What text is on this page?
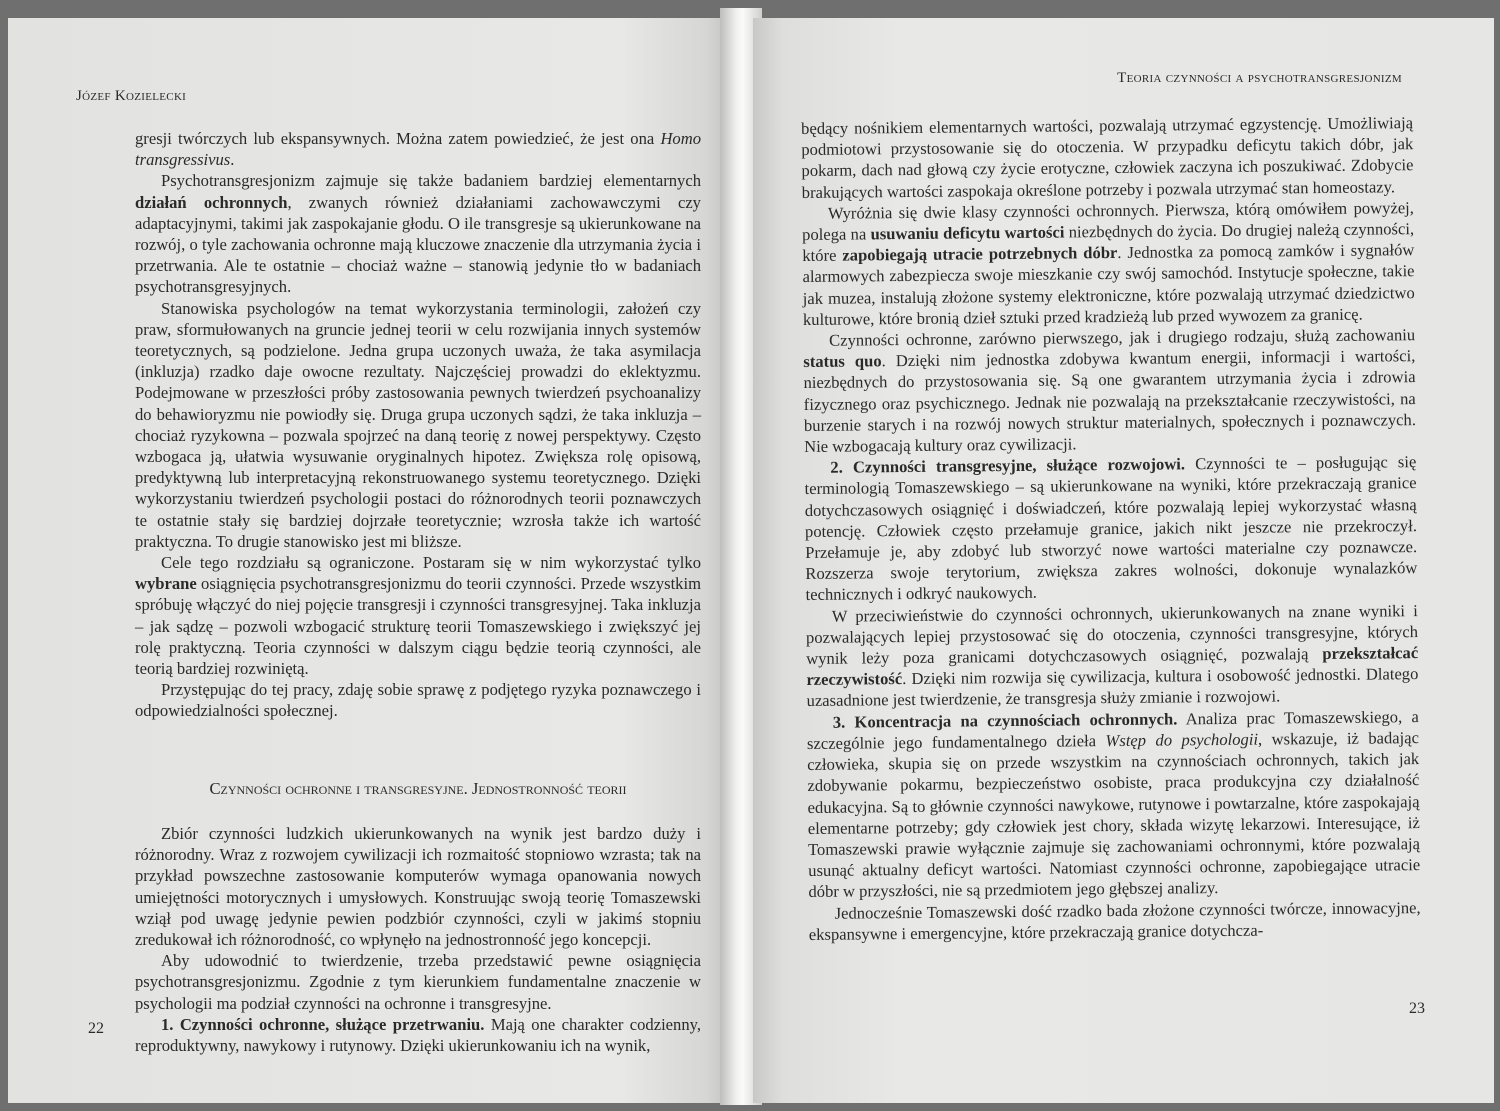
Józef Kozielecki

gresji twórczych lub ekspansywnych. Można zatem powiedzieć, że jest ona Homo transgressivus.

Psychotransgresjonizm zajmuje się także badaniem bardziej elementarnych działań ochronnych, zwanych również działaniami zachowawczymi czy adaptacyjnymi, takimi jak zaspokajanie głodu. O ile transgresje są ukierunkowane na rozwój, o tyle zachowania ochronne mają kluczowe znaczenie dla utrzymania życia i przetrwania. Ale te ostatnie – chociaż ważne – stanowią jedynie tło w badaniach psychotransgresyjnych.

Stanowiska psychologów na temat wykorzystania terminologii, założeń czy praw, sformułowanych na gruncie jednej teorii w celu rozwijania innych systemów teoretycznych, są podzielone. Jedna grupa uczonych uważa, że taka asymilacja (inkluzja) rzadko daje owocne rezultaty. Najczęściej prowadzi do eklektyzmu. Podejmowane w przeszłości próby zastosowania pewnych twierdzeń psychoanalizy do behawioryzmu nie powiodły się. Druga grupa uczonych sądzi, że taka inkluzja – chociaż ryzykowna – pozwala spojrzeć na daną teorię z nowej perspektywy. Często wzbogaca ją, ułatwia wysuwanie oryginalnych hipotez. Zwiększa rolę opisową, predyktywną lub interpretacyjną rekonstruowanego systemu teoretycznego. Dzięki wykorzystaniu twierdzeń psychologii postaci do różnorodnych teorii poznawczych te ostatnie stały się bardziej dojrzałe teoretycznie; wzrosła także ich wartość praktyczna. To drugie stanowisko jest mi bliższe.

Cele tego rozdziału są ograniczone. Postaram się w nim wykorzystać tylko wybrane osiągnięcia psychotransgresjonizmu do teorii czynności. Przede wszystkim spróbuję włączyć do niej pojęcie transgresji i czynności transgresyjnej. Taka inkluzja – jak sądzę – pozwoli wzbogacić strukturę teorii Tomaszewskiego i zwiększyć jej rolę praktyczną. Teoria czynności w dalszym ciągu będzie teorią czynności, ale teorią bardziej rozwiniętą.

Przystępując do tej pracy, zdaję sobie sprawę z podjętego ryzyka poznawczego i odpowiedzialności społecznej.

Czynności ochronne i transgresyjne. Jednostronność teorii

Zbiór czynności ludzkich ukierunkowanych na wynik jest bardzo duży i różnorodny. Wraz z rozwojem cywilizacji ich rozmaitość stopniowo wzrasta; tak na przykład powszechne zastosowanie komputerów wymaga opanowania nowych umiejętności motorycznych i umysłowych. Konstruując swoją teorię Tomaszewski wziął pod uwagę jedynie pewien podzbiór czynności, czyli w jakimś stopniu zredukował ich różnorodność, co wpłynęło na jednostronność jego koncepcji.

Aby udowodnić to twierdzenie, trzeba przedstawić pewne osiągnięcia psychotransgresjonizmu. Zgodnie z tym kierunkiem fundamentalne znaczenie w psychologii ma podział czynności na ochronne i transgresyjne.

1. Czynności ochronne, służące przetrwaniu. Mają one charakter codzienny, reproduktywny, nawykowy i rutynowy. Dzięki ukierunkowaniu ich na wynik,

22
Teoria czynności a psychotransgresjonizm

będący nośnikiem elementarnych wartości, pozwalają utrzymać egzystencję. Umożliwiają podmiotowi przystosowanie się do otoczenia. W przypadku deficytu takich dóbr, jak pokarm, dach nad głową czy życie erotyczne, człowiek zaczyna ich poszukiwać. Zdobycie brakujących wartości zaspokaja określone potrzeby i pozwala utrzymać stan homeostazy.

Wyróżnia się dwie klasy czynności ochronnych. Pierwsza, którą omówiłem powyżej, polega na usuwaniu deficytu wartości niezbędnych do życia. Do drugiej należą czynności, które zapobiegają utracie potrzebnych dóbr. Jednostka za pomocą zamków i sygnałów alarmowych zabezpiecza swoje mieszkanie czy swój samochód. Instytucje społeczne, takie jak muzea, instalują złożone systemy elektroniczne, które pozwalają utrzymać dziedzictwo kulturowe, które bronią dzieł sztuki przed kradzieżą lub przed wywozem za granicę.

Czynności ochronne, zarówno pierwszego, jak i drugiego rodzaju, służą zachowaniu status quo. Dzięki nim jednostka zdobywa kwantum energii, informacji i wartości, niezbędnych do przystosowania się. Są one gwarantem utrzymania życia i zdrowia fizycznego oraz psychicznego. Jednak nie pozwalają na przekształcanie rzeczywistości, na burzenie starych i na rozwój nowych struktur materialnych, społecznych i poznawczych. Nie wzbogacają kultury oraz cywilizacji.

2. Czynności transgresyjne, służące rozwojowi. Czynności te – posługując się terminologią Tomaszewskiego – są ukierunkowane na wyniki, które przekraczają granice dotychczasowych osiągnięć i doświadczeń, które pozwalają lepiej wykorzystać własną potencję. Człowiek często przełamuje granice, jakich nikt jeszcze nie przekroczył. Przełamuje je, aby zdobyć lub stworzyć nowe wartości materialne czy poznawcze. Rozszerza swoje terytorium, zwiększa zakres wolności, dokonuje wynalazków technicznych i odkryć naukowych.

W przeciwieństwie do czynności ochronnych, ukierunkowanych na znane wyniki i pozwalających lepiej przystosować się do otoczenia, czynności transgresyjne, których wynik leży poza granicami dotychczasowych osiągnięć, pozwalają przekształcać rzeczywistość. Dzięki nim rozwija się cywilizacja, kultura i osobowość jednostki. Dlatego uzasadnione jest twierdzenie, że transgresja służy zmianie i rozwojowi.

3. Koncentracja na czynnościach ochronnych. Analiza prac Tomaszewskiego, a szczególnie jego fundamentalnego dzieła Wstęp do psychologii, wskazuje, iż badając człowieka, skupia się on przede wszystkim na czynnościach ochronnych, takich jak zdobywanie pokarmu, bezpieczeństwo osobiste, praca produkcyjna czy działalność edukacyjna. Są to głównie czynności nawykowe, rutynowe i powtarzalne, które zaspokajają elementarne potrzeby; gdy człowiek jest chory, składa wizytę lekarzowi. Interesujące, iż Tomaszewski prawie wyłącznie zajmuje się zachowaniami ochronnymi, które pozwalają usunąć aktualny deficyt wartości. Natomiast czynności ochronne, zapobiegające utracie dóbr w przyszłości, nie są przedmiotem jego głębszej analizy.

Jednocześnie Tomaszewski dość rzadko bada złożone czynności twórcze, innowacyjne, ekspansywne i emergencyjne, które przekraczają granice dotychcza-

23
